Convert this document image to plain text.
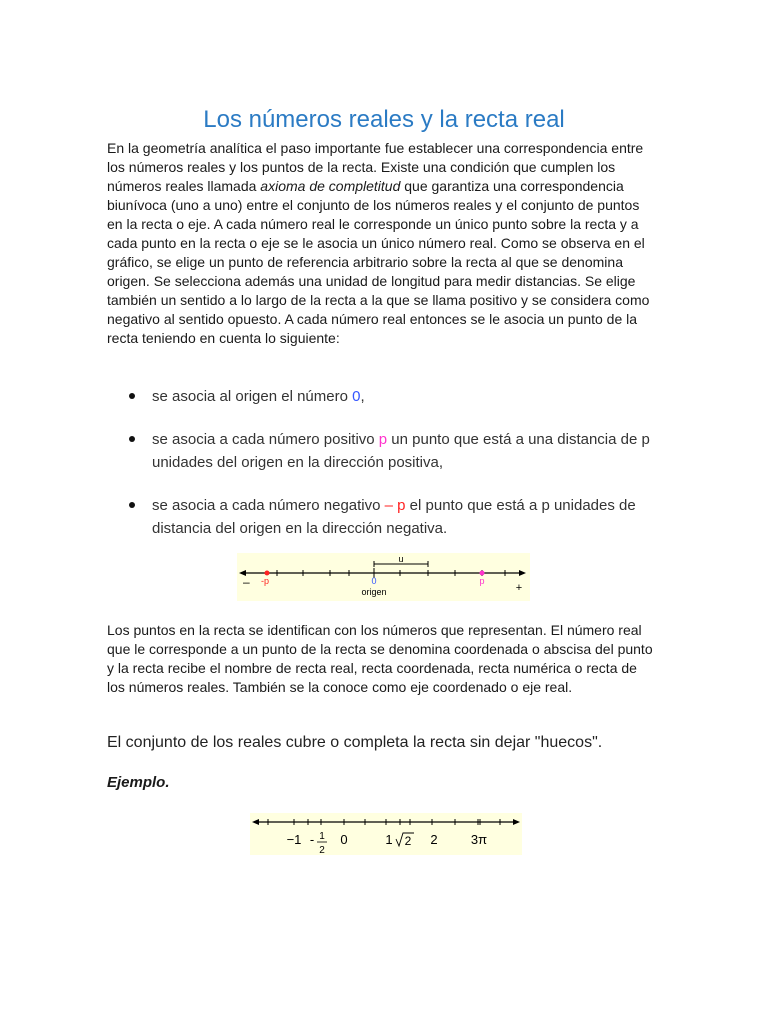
Los números reales y la recta real

En la geometría analítica el paso importante fue establecer una correspondencia entre los números reales y los puntos de la recta. Existe una condición que cumplen los números reales llamada axioma de completitud que garantiza una correspondencia biunívoca (uno a uno) entre el conjunto de los números reales y el conjunto de puntos en la recta o eje. A cada número real le corresponde un único punto sobre la recta y a cada punto en la recta o eje se le asocia un único número real. Como se observa en el gráfico, se elige un punto de referencia arbitrario sobre la recta al que se denomina origen. Se selecciona además una unidad de longitud para medir distancias. Se elige también un sentido a lo largo de la recta a la que se llama positivo y se considera como negativo al sentido opuesto. A cada número real entonces se le asocia un punto de la recta teniendo en cuenta lo siguiente:

se asocia al origen el número 0,
se asocia a cada número positivo p un punto que está a una distancia de p unidades del origen en la dirección positiva,
se asocia a cada número negativo – p el punto que está a p unidades de distancia del origen en la dirección negativa.
u
– -p	0
origen
p
+

Los puntos en la recta se identifican con los números que representan. El número real que le corresponde a un punto de la recta se denomina coordenada o abscisa del punto y la recta recibe el nombre de recta real, recta coordenada, recta numérica o recta de los números reales. También se la conoce como eje coordenado o eje real.

El conjunto de los reales cubre o completa la recta sin dejar "huecos".

Ejemplo.

−1 - 1
2
0	1 2 2	3π
